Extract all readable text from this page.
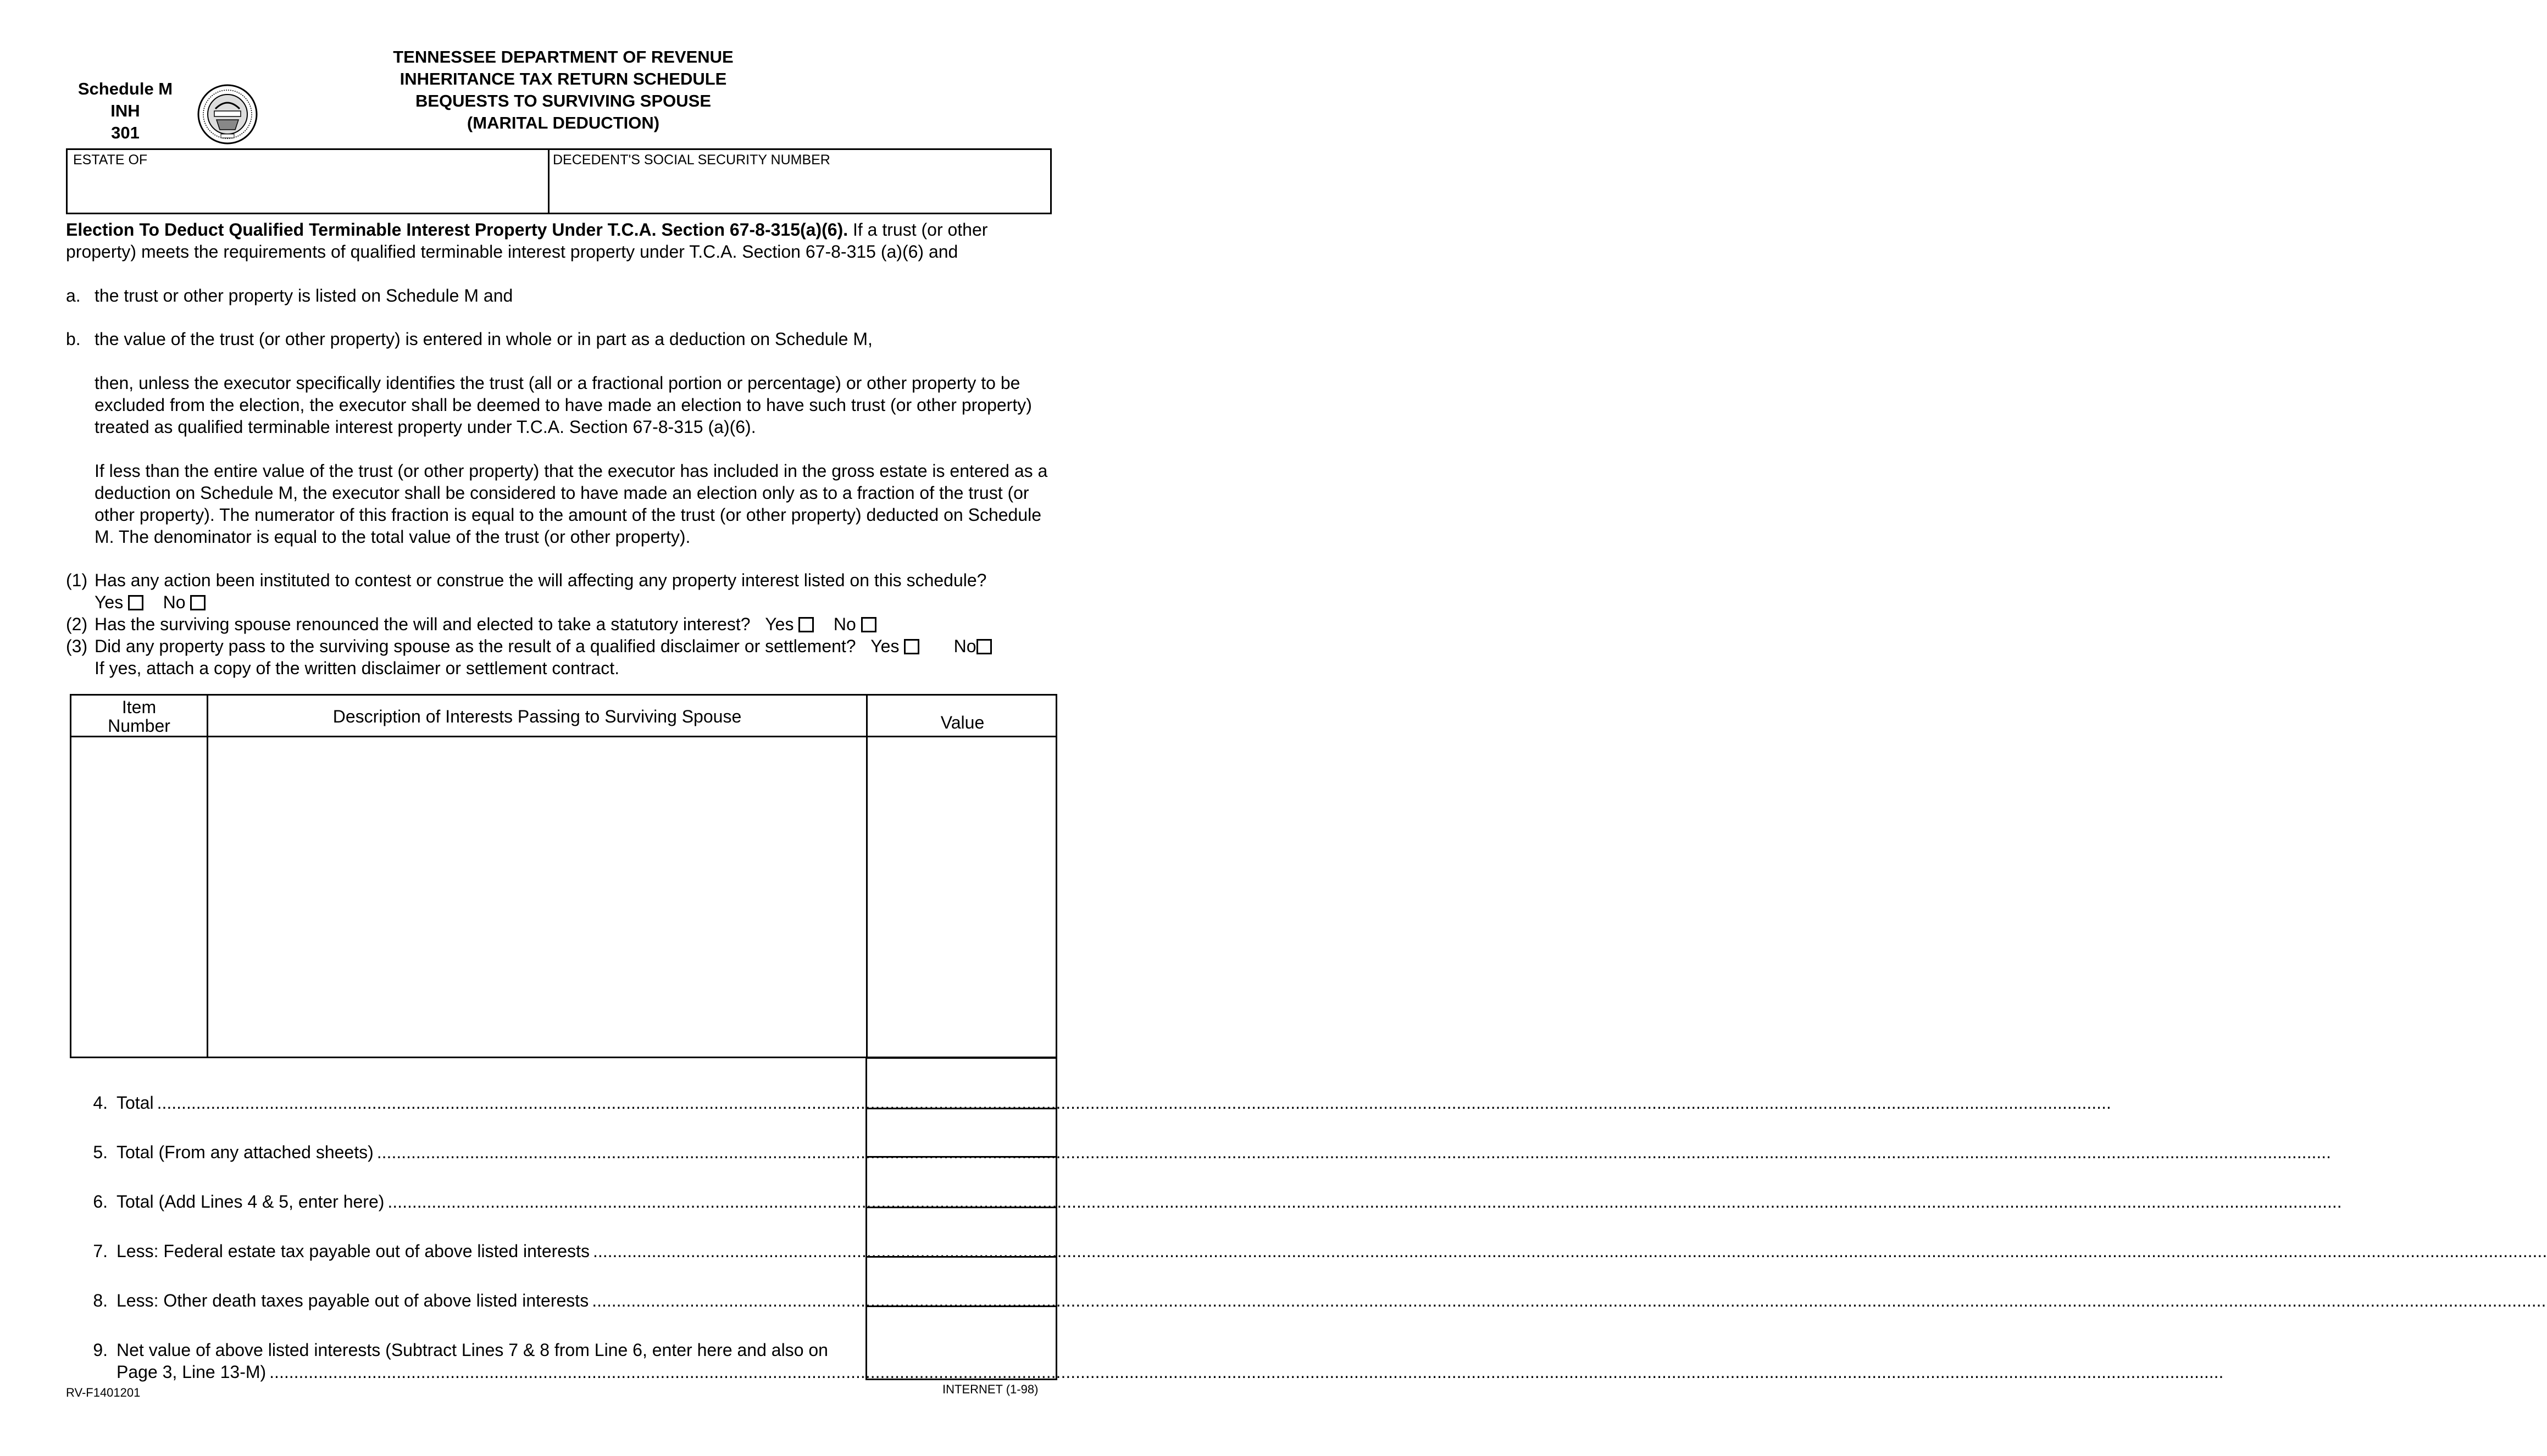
Schedule M
INH
301
TENNESSEE DEPARTMENT OF REVENUE
INHERITANCE TAX RETURN SCHEDULE
BEQUESTS TO SURVIVING SPOUSE
(MARITAL DEDUCTION)
ESTATE OF	DECEDENT'S SOCIAL SECURITY NUMBER
Election To Deduct Qualified Terminable Interest Property Under T.C.A. Section 67-8-315(a)(6). If a trust (or other property) meets the requirements of qualified terminable interest property under T.C.A. Section 67-8-315 (a)(6) and
a. the trust or other property is listed on Schedule M and
b. the value of the trust (or other property) is entered in whole or in part as a deduction on Schedule M,
then, unless the executor specifically identifies the trust (all or a fractional portion or percentage) or other property to be excluded from the election, the executor shall be deemed to have made an election to have such trust (or other property) treated as qualified terminable interest property under T.C.A. Section 67-8-315 (a)(6).
If less than the entire value of the trust (or other property) that the executor has included in the gross estate is entered as a deduction on Schedule M, the executor shall be considered to have made an election only as to a fraction of the trust (or other property). The numerator of this fraction is equal to the amount of the trust (or other property) deducted on Schedule M. The denominator is equal to the total value of the trust (or other property).
(1) Has any action been instituted to contest or construe the will affecting any property interest listed on this schedule?
Yes No
(2) Has the surviving spouse renounced the will and elected to take a statutory interest? Yes No
(3) Did any property pass to the surviving spouse as the result of a qualified disclaimer or settlement? Yes	No
If yes, attach a copy of the written disclaimer or settlement contract.
Item
Number	Description of Interests Passing to Surviving Spouse	Value
4. Total ................................................................................................................................................................................................................................................................................................................................................................................................................
5. Total (From any attached sheets) ................................................................................................................................................................................................................................................................................................................................................................................................................
6. Total (Add Lines 4 & 5, enter here) ................................................................................................................................................................................................................................................................................................................................................................................................................
7. Less: Federal estate tax payable out of above listed interests ................................................................................................................................................................................................................................................................................................................................................................................................................
8. Less: Other death taxes payable out of above listed interests ................................................................................................................................................................................................................................................................................................................................................................................................................
9. Net value of above listed interests (Subtract Lines 7 & 8 from Line 6, enter here and also on
Page 3, Line 13-M) ................................................................................................................................................................................................................................................................................................................................................................................................................
RV-F1401201	INTERNET (1-98)
